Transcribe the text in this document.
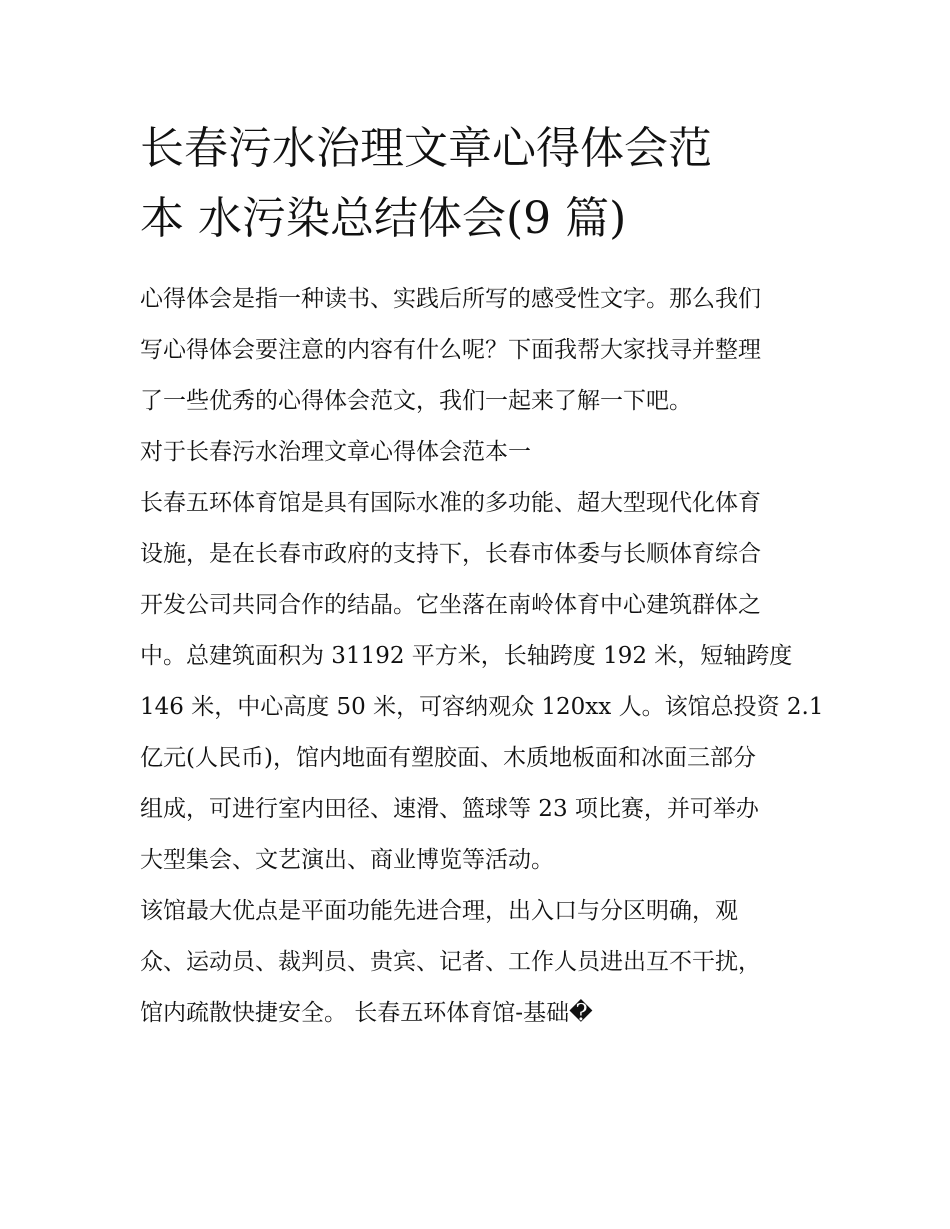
长春污水治理文章心得体会范
本 水污染总结体会(9 篇)

心得体会是指一种读书、实践后所写的感受性文字。那么我们
写心得体会要注意的内容有什么呢？下面我帮大家找寻并整理
了一些优秀的心得体会范文，我们一起来了解一下吧。

对于长春污水治理文章心得体会范本一

长春五环体育馆是具有国际水准的多功能、超大型现代化体育
设施，是在长春市政府的支持下，长春市体委与长顺体育综合
开发公司共同合作的结晶。它坐落在南岭体育中心建筑群体之
中。总建筑面积为 31192 平方米，长轴跨度 192 米，短轴跨度
146 米，中心高度 50 米，可容纳观众 120xx 人。该馆总投资 2.1
亿元(人民币)，馆内地面有塑胶面、木质地板面和冰面三部分
组成，可进行室内田径、速滑、篮球等 23 项比赛，并可举办
大型集会、文艺演出、商业博览等活动。

该馆最大优点是平面功能先进合理，出入口与分区明确，观
众、运动员、裁判员、贵宾、记者、工作人员进出互不干扰，
馆内疏散快捷安全。 长春五环体育馆-基础�
